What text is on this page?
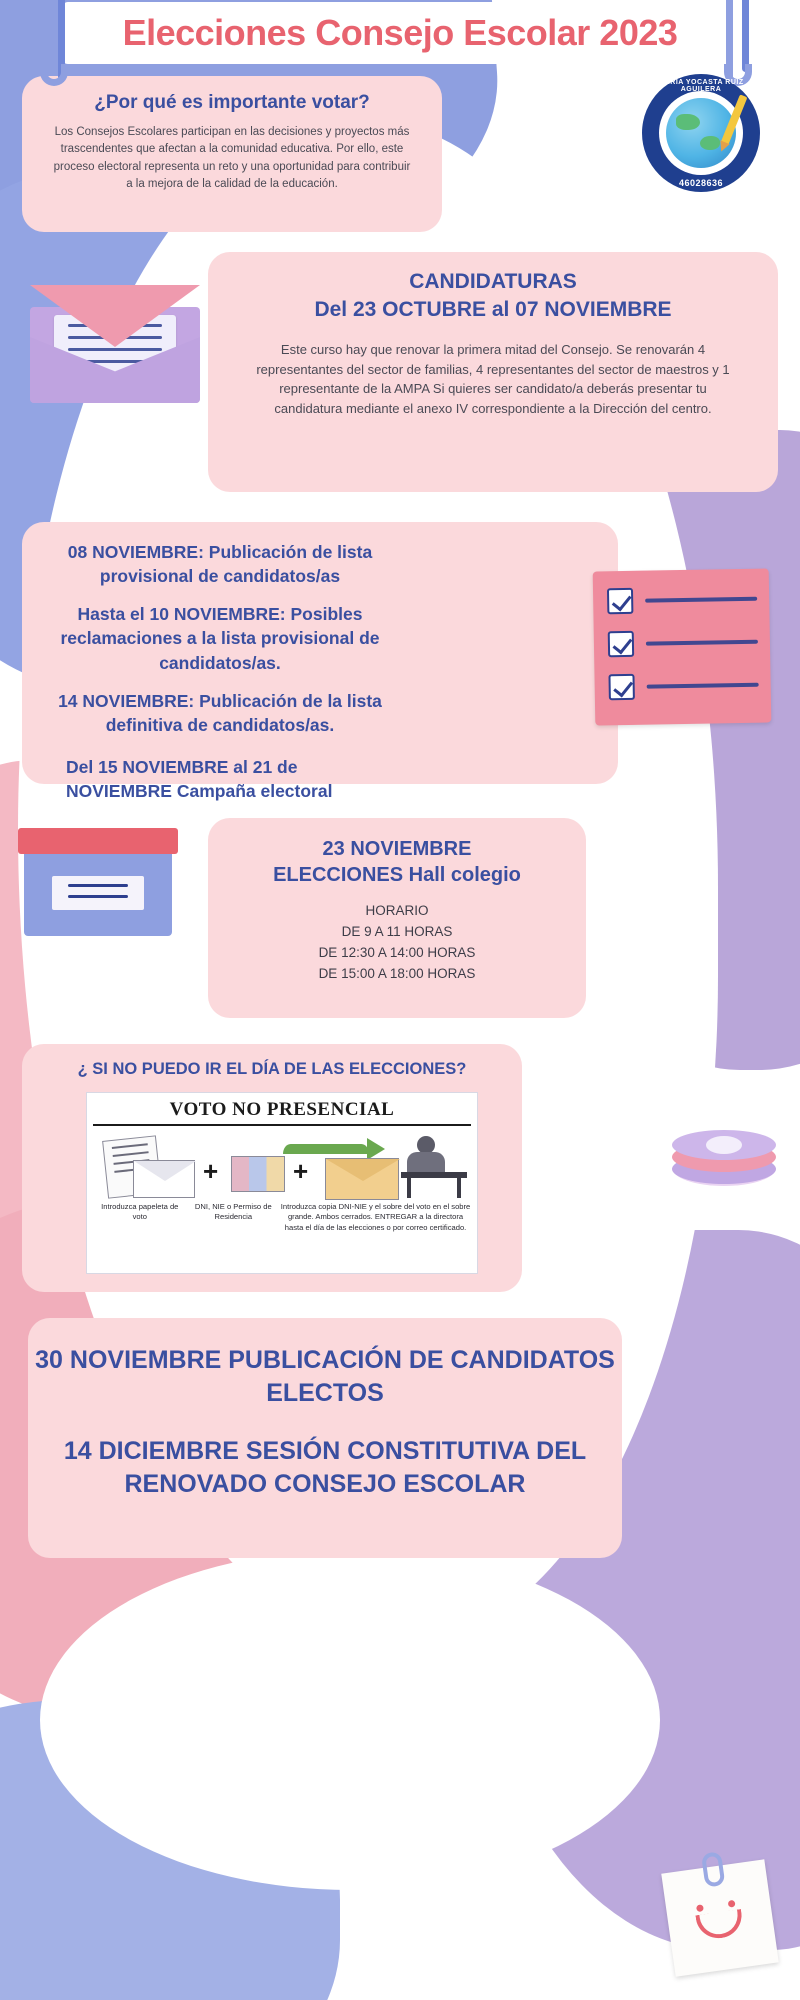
Elecciones Consejo Escolar 2023
¿Por qué es importante votar?
Los Consejos Escolares participan en las decisiones y proyectos más trascendentes que afectan a la comunidad educativa. Por ello, este proceso electoral representa un reto y una oportunidad para contribuir a la mejora de la calidad de la educación.
MARIA YOCASTA RUIZ AGUILERA
46028636
CANDIDATURAS
Del 23 OCTUBRE al 07 NOVIEMBRE
Este curso hay que renovar la primera mitad del Consejo. Se renovarán 4 representantes del sector de familias, 4 representantes del sector de maestros y 1 representante de la AMPA Si quieres ser candidato/a deberás presentar tu candidatura mediante el anexo IV correspondiente a la Dirección del centro.
08 NOVIEMBRE: Publicación de lista provisional de candidatos/as
Hasta el 10 NOVIEMBRE: Posibles reclamaciones a la lista provisional de candidatos/as.
14 NOVIEMBRE: Publicación de la lista definitiva de candidatos/as.
Del 15 NOVIEMBRE al 21 de NOVIEMBRE Campaña electoral
23 NOVIEMBRE
ELECCIONES Hall colegio
HORARIO
DE 9 A 11 HORAS
DE 12:30 A 14:00 HORAS
DE 15:00 A 18:00 HORAS
¿ SI NO PUEDO IR EL DÍA DE LAS ELECCIONES?
VOTO NO PRESENCIAL
+	+
Introduzca papeleta de voto
DNI, NIE o Permiso de Residencia
Introduzca copia DNI-NIE y el sobre del voto en el sobre grande. Ambos cerrados. ENTREGAR a la directora hasta el día de las elecciones o por correo certificado.
30 NOVIEMBRE PUBLICACIÓN DE CANDIDATOS ELECTOS
14 DICIEMBRE SESIÓN CONSTITUTIVA DEL RENOVADO CONSEJO ESCOLAR
